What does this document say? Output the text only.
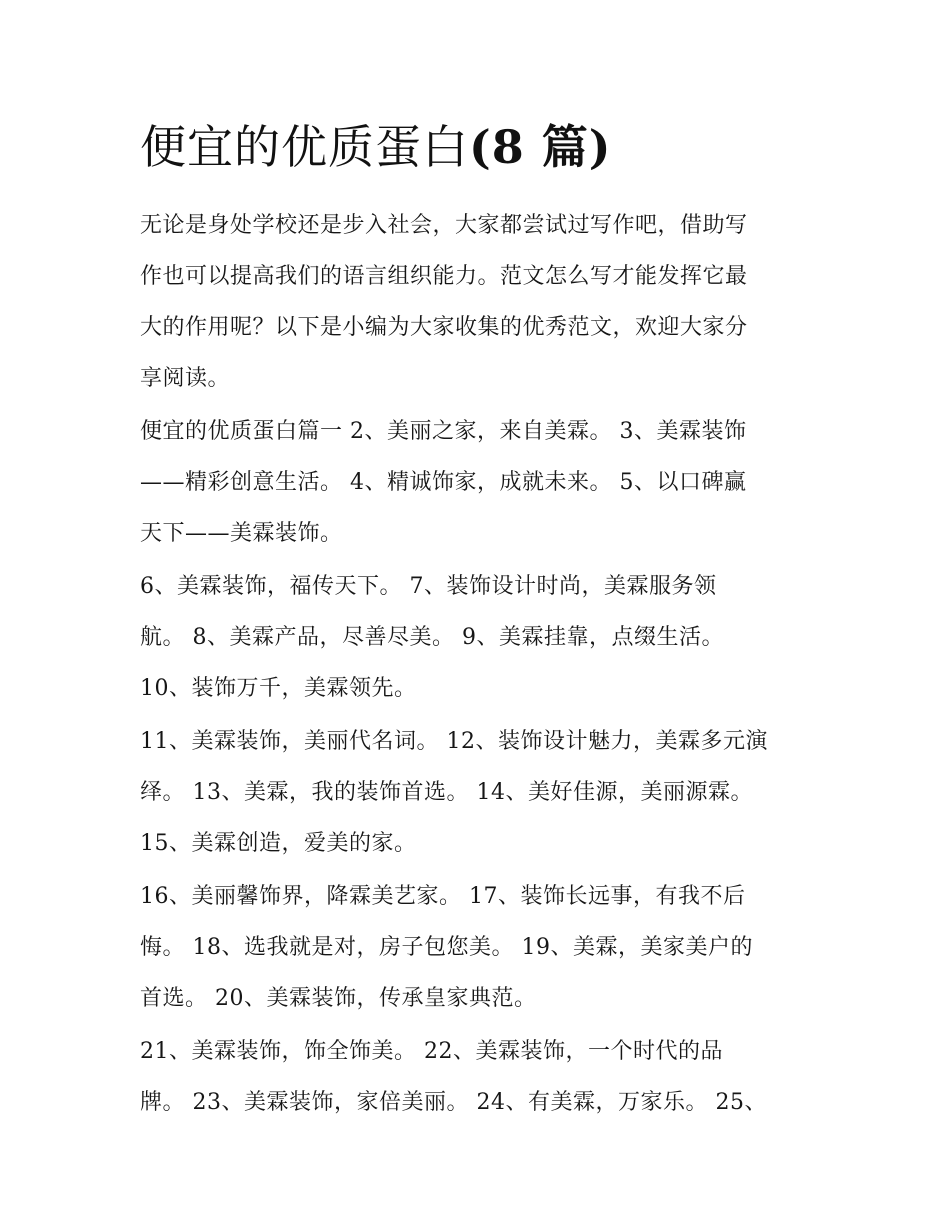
便宜的优质蛋白(8 篇)

无论是身处学校还是步入社会，大家都尝试过写作吧，借助写
作也可以提高我们的语言组织能力。范文怎么写才能发挥它最
大的作用呢？以下是小编为大家收集的优秀范文，欢迎大家分
享阅读。

便宜的优质蛋白篇一 2、美丽之家，来自美霖。 3、美霖装饰
——精彩创意生活。 4、精诚饰家，成就未来。 5、以口碑赢
天下——美霖装饰。

6、美霖装饰，福传天下。 7、装饰设计时尚，美霖服务领
航。 8、美霖产品，尽善尽美。 9、美霖挂靠，点缀生活。
10、装饰万千，美霖领先。

11、美霖装饰，美丽代名词。 12、装饰设计魅力，美霖多元演
绎。 13、美霖，我的装饰首选。 14、美好佳源，美丽源霖。
15、美霖创造，爱美的家。

16、美丽馨饰界，降霖美艺家。 17、装饰长远事，有我不后
悔。 18、选我就是对，房子包您美。 19、美霖，美家美户的
首选。 20、美霖装饰，传承皇家典范。

21、美霖装饰，饰全饰美。 22、美霖装饰，一个时代的品
牌。 23、美霖装饰，家倍美丽。 24、有美霖，万家乐。 25、
